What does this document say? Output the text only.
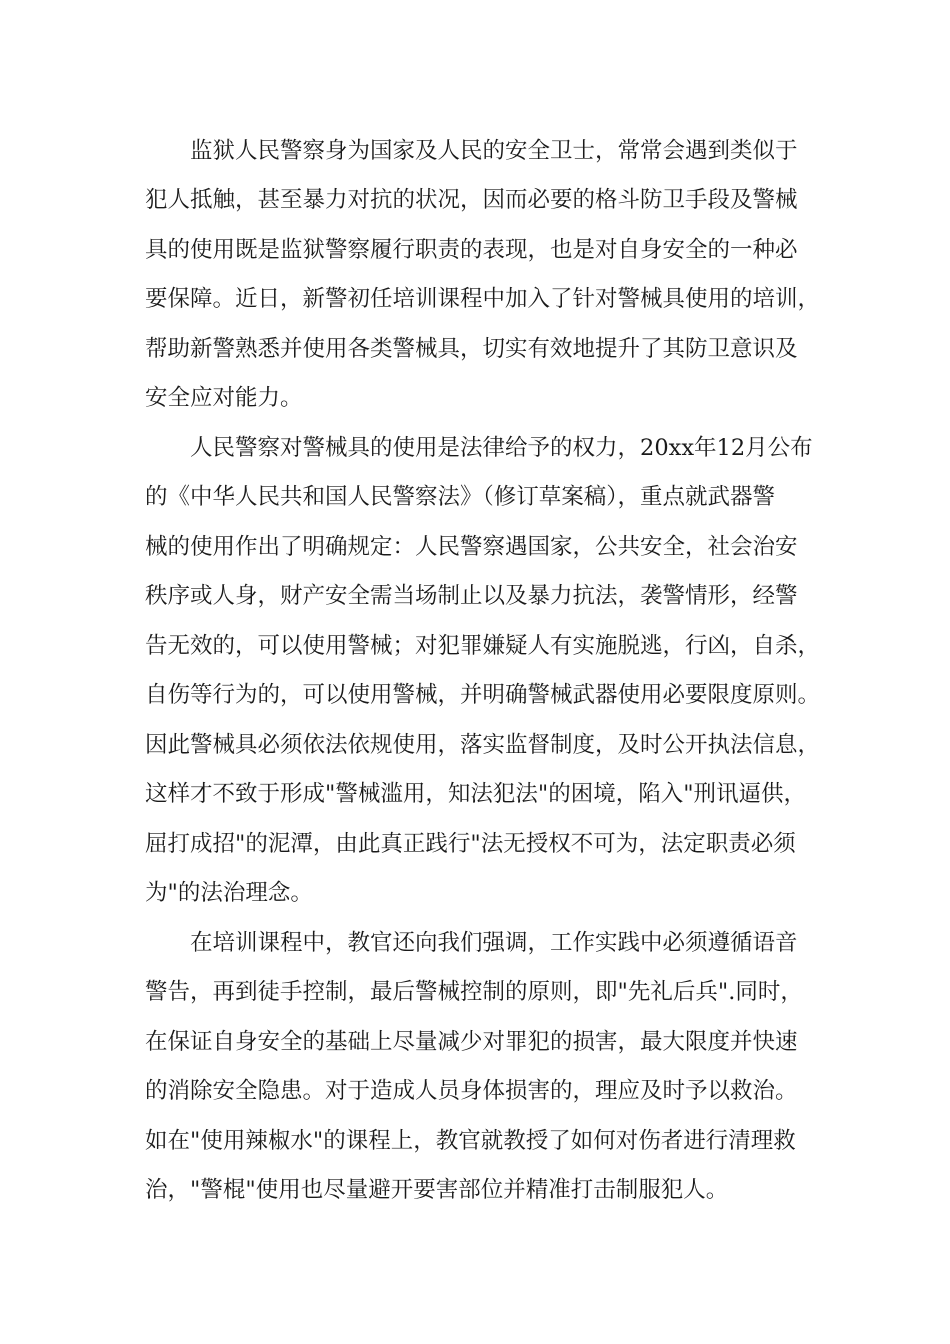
监狱人民警察身为国家及人民的安全卫士，常常会遇到类似于

犯人抵触，甚至暴力对抗的状况，因而必要的格斗防卫手段及警械

具的使用既是监狱警察履行职责的表现，也是对自身安全的一种必

要保障。近日，新警初任培训课程中加入了针对警械具使用的培训，

帮助新警熟悉并使用各类警械具，切实有效地提升了其防卫意识及

安全应对能力。

人民警察对警械具的使用是法律给予的权力，20xx年12月公布

的《中华人民共和国人民警察法》（修订草案稿），重点就武器警

械的使用作出了明确规定：人民警察遇国家，公共安全，社会治安

秩序或人身，财产安全需当场制止以及暴力抗法，袭警情形，经警

告无效的，可以使用警械；对犯罪嫌疑人有实施脱逃，行凶，自杀，

自伤等行为的，可以使用警械，并明确警械武器使用必要限度原则。

因此警械具必须依法依规使用，落实监督制度，及时公开执法信息，

这样才不致于形成"警械滥用，知法犯法"的困境，陷入"刑讯逼供，

屈打成招"的泥潭，由此真正践行"法无授权不可为，法定职责必须

为"的法治理念。

在培训课程中，教官还向我们强调，工作实践中必须遵循语音

警告，再到徒手控制，最后警械控制的原则，即"先礼后兵".同时，

在保证自身安全的基础上尽量减少对罪犯的损害，最大限度并快速

的消除安全隐患。对于造成人员身体损害的，理应及时予以救治。

如在"使用辣椒水"的课程上，教官就教授了如何对伤者进行清理救

治，"警棍"使用也尽量避开要害部位并精准打击制服犯人。
